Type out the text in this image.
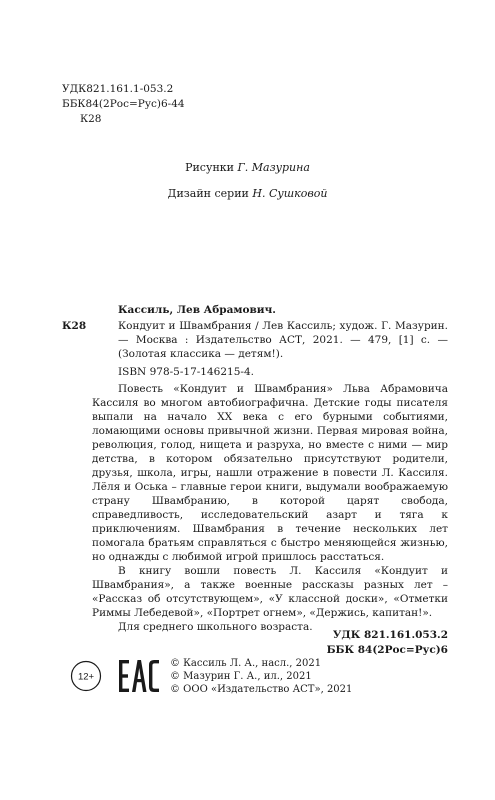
УДК821.161.1-053.2
ББК84(2Рос=Рус)6-44
К28
Рисунки Г. Мазурина
Дизайн серии Н. Сушковой
Кассиль, Лев Абрамович.
К28	Кондуит и Швамбрания / Лев Кассиль; худож. Г. Мазурин. — Москва : Издательство АСТ, 2021. — 479, [1] с. — (Золотая классика — детям!).
ISBN 978-5-17-146215-4.

Повесть «Кондуит и Швамбрания» Льва Абрамовича Кассиля во многом автобиографична. Детские годы писателя выпали на начало XX века с его бурными событиями, ломающими основы привычной жизни. Первая мировая война, революция, голод, нищета и разруха, но вместе с ними — мир детства, в котором обязательно присутствуют родители, друзья, школа, игры, нашли отражение в повести Л. Кассиля. Лёля и Оська – главные герои книги, выдумали воображаемую страну Швамбранию, в которой царят свобода, справедливость, исследовательский азарт и тяга к приключениям. Швамбрания в течение нескольких лет помогала братьям справляться с быстро меняющейся жизнью, но однажды с любимой игрой пришлось расстаться.

В книгу вошли повесть Л. Кассиля «Кондуит и Швамбрания», а также военные рассказы разных лет – «Рассказ об отсутствующем», «У классной доски», «Отметки Риммы Лебедевой», «Портрет огнем», «Держись, капитан!».

Для среднего школьного возраста.

УДК 821.161.053.2
ББК 84(2Рос=Рус)6
12+
© Кассиль Л. А., насл., 2021
© Мазурин Г. А., ил., 2021
© ООО «Издательство АСТ», 2021
